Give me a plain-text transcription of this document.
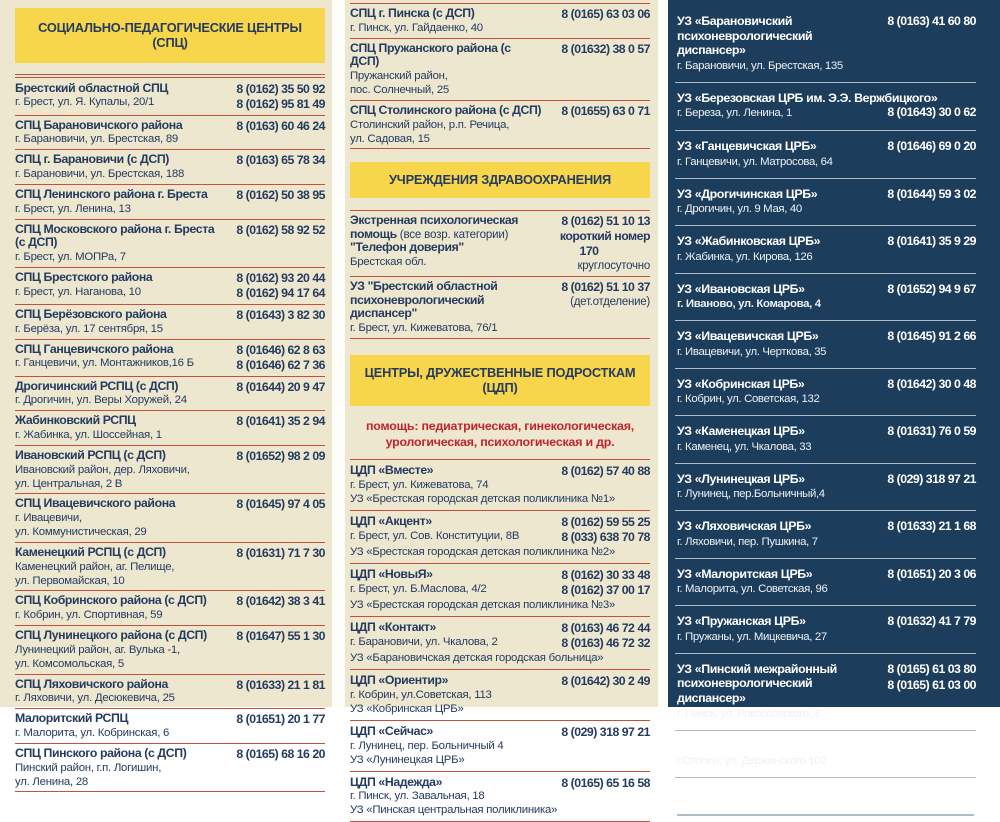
СОЦИАЛЬНО-ПЕДАГОГИЧЕСКИЕ ЦЕНТРЫ (СПЦ)
Брестский областной СПЦ
г. Брест, ул. Я. Купалы, 20/1
8 (0162) 35 50 92
8 (0162) 95 81 49
СПЦ Барановичского района
г. Барановичи, ул. Брестская, 89
8 (0163) 60 46 24
СПЦ г. Барановичи (с ДСП)
г. Барановичи, ул. Брестская, 188
8 (0163) 65 78 34
СПЦ Ленинского района г. Бреста
г. Брест, ул. Ленина, 13
8 (0162) 50 38 95
СПЦ Московского района г. Бреста (с ДСП)
г. Брест, ул. МОПРа, 7
8 (0162) 58 92 52
СПЦ Брестского района
г. Брест, ул. Наганова, 10
8 (0162) 93 20 44
8 (0162) 94 17 64
СПЦ Берёзовского района
г. Берёза, ул. 17 сентября, 15
8 (01643) 3 82 30
СПЦ Ганцевичского района
г. Ганцевичи, ул. Монтажников,16 Б
8 (01646) 62 8 63
8 (01646) 62 7 36
Дрогичинский РСПЦ (с ДСП)
г. Дрогичин, ул. Веры Хоружей, 24
8 (01644) 20 9 47
Жабинковский РСПЦ
г. Жабинка, ул. Шоссейная, 1
8 (01641) 35 2 94
Ивановский РСПЦ (с ДСП)
Ивановский район, дер. Ляховичи,
ул. Центральная, 2 В
8 (01652) 98 2 09
СПЦ Ивацевичского района
г. Ивацевичи,
ул. Коммунистическая, 29
8 (01645) 97 4 05
Каменецкий РСПЦ (с ДСП)
Каменецкий район, аг. Пелище,
ул. Первомайская, 10
8 (01631) 71 7 30
СПЦ Кобринского района (с ДСП)
г. Кобрин, ул. Спортивная, 59
8 (01642) 38 3 41
СПЦ Лунинецкого района (с ДСП)
Лунинецкий район, аг. Вулька -1,
ул. Комсомольская, 5
8 (01647) 55 1 30
СПЦ Ляховичского района
г. Ляховичи, ул. Десюкевича, 25
8 (01633) 21 1 81
Малоритский РСПЦ
г. Малорита, ул. Кобринская, 6
8 (01651) 20 1 77
СПЦ Пинского района (с ДСП)
Пинский район, г.п. Логишин,
ул. Ленина, 28
8 (0165) 68 16 20
СПЦ г. Пинска (с ДСП)
г. Пинск, ул. Гайдаенко, 40
8 (0165) 63 03 06
СПЦ Пружанского района (с ДСП)
Пружанский район,
пос. Солнечный, 25
8 (01632) 38 0 57
СПЦ Столинского района (с ДСП)
Столинский район, р.п. Речица,
ул. Садовая, 15
8 (01655) 63 0 71
УЧРЕЖДЕНИЯ ЗДРАВООХРАНЕНИЯ
Экстренная психологическая помощь (все возр. категории)
"Телефон доверия"
Брестская обл.
8 (0162) 51 10 13
короткий номер
170
круглосуточно
УЗ "Брестский областной психоневрологический диспансер"
г. Брест, ул. Кижеватова, 76/1
8 (0162) 51 10 37
(дет.отделение)
ЦЕНТРЫ, ДРУЖЕСТВЕННЫЕ ПОДРОСТКАМ (ЦДП)
помощь: педиатрическая, гинекологическая,
урологическая, психологическая и др.
ЦДП «Вместе»
г. Брест, ул. Кижеватова, 74
8 (0162) 57 40 88
УЗ «Брестская городская детская поликлиника №1»
ЦДП «Акцент»
г. Брест, ул. Сов. Конституции, 8В
8 (0162) 59 55 25
8 (033) 638 70 78
УЗ «Брестская городская детская поликлиника №2»
ЦДП «НовыЯ»
г. Брест, ул. Б.Маслова, 4/2
8 (0162) 30 33 48
8 (0162) 37 00 17
УЗ «Брестская городская детская поликлиника №3»
ЦДП «Контакт»
г. Барановичи, ул. Чкалова, 2
8 (0163) 46 72 44
8 (0163) 46 72 32
УЗ «Барановичская детская городская больница»
ЦДП «Ориентир»
г. Кобрин, ул.Советская, 113
8 (01642) 30 2 49
УЗ «Кобринская ЦРБ»
ЦДП «Сейчас»
г. Лунинец, пер. Больничный 4
8 (029) 318 97 21
УЗ «Лунинецкая ЦРБ»
ЦДП «Надежда»
г. Пинск, ул. Завальная, 18
8 (0165) 65 16 58
УЗ «Пинская центральная поликлиника»
УЗ «Барановичский психоневрологический диспансер»
г. Барановичи, ул. Брестская, 135
8 (0163) 41 60 80
УЗ «Березовская ЦРБ им. Э.Э. Вержбицкого»
г. Береза, ул. Ленина, 1	8 (01643) 30 0 62
УЗ «Ганцевичская ЦРБ»
г. Ганцевичи, ул. Матросова, 64
8 (01646) 69 0 20
УЗ «Дрогичинская ЦРБ»
г. Дрогичин, ул. 9 Мая, 40
8 (01644) 59 3 02
УЗ «Жабинковская ЦРБ»
г. Жабинка, ул. Кирова, 126
8 (01641) 35 9 29
УЗ «Ивановская ЦРБ»
г. Иваново, ул. Комарова, 4
8 (01652) 94 9 67
УЗ «Ивацевичская ЦРБ»
г. Ивацевичи, ул. Черткова, 35
8 (01645) 91 2 66
УЗ «Кобринская ЦРБ»
г. Кобрин, ул. Советская, 132
8 (01642) 30 0 48
УЗ «Каменецкая ЦРБ»
г. Каменец, ул. Чкалова, 33
8 (01631) 76 0 59
УЗ «Лунинецкая ЦРБ»
г. Лунинец, пер.Больничный,4
8 (029) 318 97 21
УЗ «Ляховичская ЦРБ»
г. Ляховичи, пер. Пушкина, 7
8 (01633) 21 1 68
УЗ «Малоритская ЦРБ»
г. Малорита, ул. Советская, 96
8 (01651) 20 3 06
УЗ «Пружанская ЦРБ»
г. Пружаны, ул. Мицкевича, 27
8 (01632) 41 7 79
УЗ «Пинский межрайонный психоневрологический диспансер»
г. Пинск, ул. Рокоссовского, 8
8 (0165) 61 03 80
8 (0165) 61 03 00
УЗ «Столинская ЦРБ»
г.Столин, ул. Держинского 102
8 (01655) 63 4 88
